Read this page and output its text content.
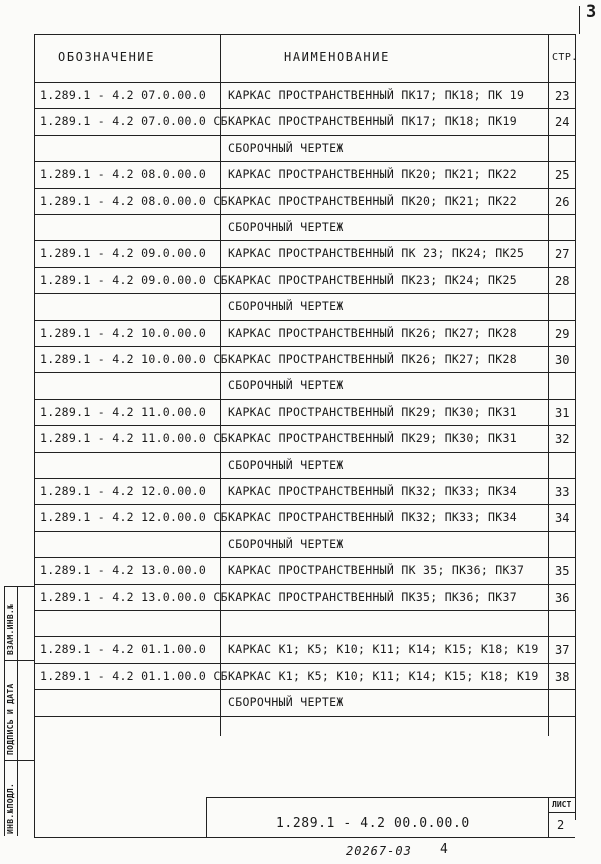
3
ОБОЗНАЧЕНИЕ	НАИМЕНОВАНИЕ	СТР.
1.289.1 - 4.2 07.0.00.0 КАРКАС ПРОСТРАНСТВЕННЫЙ ПК17; ПК18; ПК 19	23
1.289.1 - 4.2 07.0.00.0 СБ КАРКАС ПРОСТРАНСТВЕННЫЙ ПК17; ПК18; ПК19	24
СБОРОЧНЫЙ ЧЕРТЕЖ
1.289.1 - 4.2 08.0.00.0 КАРКАС ПРОСТРАНСТВЕННЫЙ ПК20; ПК21; ПК22	25
1.289.1 - 4.2 08.0.00.0 СБ КАРКАС ПРОСТРАНСТВЕННЫЙ ПК20; ПК21; ПК22	26
СБОРОЧНЫЙ ЧЕРТЕЖ
1.289.1 - 4.2 09.0.00.0 КАРКАС ПРОСТРАНСТВЕННЫЙ ПК 23; ПК24; ПК25	27
1.289.1 - 4.2 09.0.00.0 СБ КАРКАС ПРОСТРАНСТВЕННЫЙ ПК23; ПК24; ПК25	28
СБОРОЧНЫЙ ЧЕРТЕЖ
1.289.1 - 4.2 10.0.00.0 КАРКАС ПРОСТРАНСТВЕННЫЙ ПК26; ПК27; ПК28	29
1.289.1 - 4.2 10.0.00.0 СБ КАРКАС ПРОСТРАНСТВЕННЫЙ ПК26; ПК27; ПК28	30
СБОРОЧНЫЙ ЧЕРТЕЖ
1.289.1 - 4.2 11.0.00.0 КАРКАС ПРОСТРАНСТВЕННЫЙ ПК29; ПК30; ПК31	31
1.289.1 - 4.2 11.0.00.0 СБ КАРКАС ПРОСТРАНСТВЕННЫЙ ПК29; ПК30; ПК31	32
СБОРОЧНЫЙ ЧЕРТЕЖ
1.289.1 - 4.2 12.0.00.0 КАРКАС ПРОСТРАНСТВЕННЫЙ ПК32; ПК33; ПК34	33
1.289.1 - 4.2 12.0.00.0 СБ КАРКАС ПРОСТРАНСТВЕННЫЙ ПК32; ПК33; ПК34	34
СБОРОЧНЫЙ ЧЕРТЕЖ
1.289.1 - 4.2 13.0.00.0 КАРКАС ПРОСТРАНСТВЕННЫЙ ПК 35; ПК36; ПК37	35
1.289.1 - 4.2 13.0.00.0 СБ КАРКАС ПРОСТРАНСТВЕННЫЙ ПК35; ПК36; ПК37	36
1.289.1 - 4.2 01.1.00.0 КАРКАС К1; К5; К10; К11; К14; К15; К18; К19 37
1.289.1 - 4.2 01.1.00.0 СБ КАРКАС К1; К5; К10; К11; К14; К15; К18; К19 38
СБОРОЧНЫЙ ЧЕРТЕЖ
ИНВ.№ПОДЛ.
ПОДПИСЬ И ДАТА
ВЗАМ.ИНВ.№
1.289.1 - 4.2 00.0.00.0
ЛИСТ
2
20267-03 4
